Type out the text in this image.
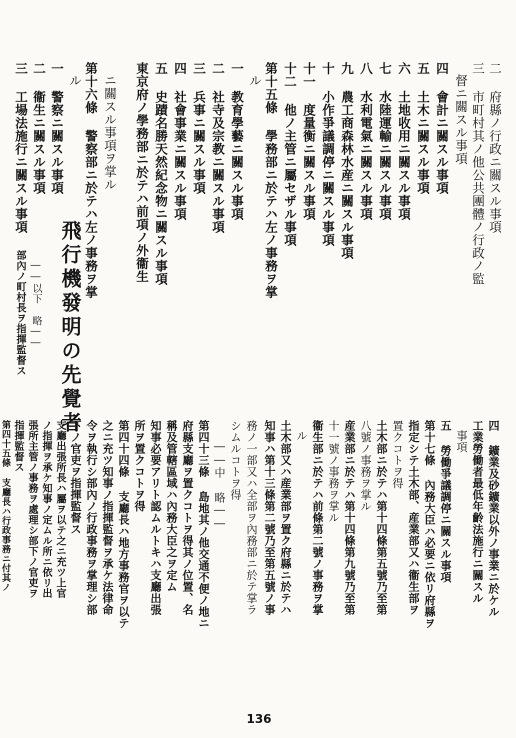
二 府縣ノ行政ニ關スル事項
三 市町村其ノ他公共團體ノ行政ノ監
督ニ關スル事項
四 會計ニ關スル事項
五 土木ニ關スル事項
六 土地收用ニ關スル事項
七 水陸運輸ニ關スル事項
八 水利電氣ニ關スル事項
九 農工商森林水産ニ關スル事項
十 小作爭議調停ニ關スル事項
十一 度量衡ニ關スル事項
十二 他ノ主管ニ屬セザル事項
第十五條 學務部ニ於テハ左ノ事務ヲ掌
ル
一 教育學藝ニ關スル事項
二 社寺及宗教ニ關スル事項
三 兵事ニ關スル事項
四 社會事業ニ關スル事項
五 史蹟名勝天然紀念物ニ關スル事項
東京府ノ學務部ニ於テハ前項ノ外衞生
ニ關スル事項ヲ掌ル
第十六條 警察部ニ於テハ左ノ事務ヲ掌
ル
一 警察ニ關スル事項
二 衞生ニ關スル事項
三 工場法施行ニ關スル事項
四 鑛業及砂鑛業以外ノ事業ニ於ケル
工業勞働者最低年齡法施行ニ關スル
事項
五 勞働爭議調停ニ關スル事項
第十七條 內務大臣ハ必要ニ依リ府縣ヲ
指定シテ土木部、産業部又ハ衞生部ヲ
置クコトヲ得
土木部ニ於テハ第十四條第五號乃至第
八號ノ事務ヲ掌ル
産業部ニ於テハ第十四條第九號乃至第
十一號ノ事務ヲ掌ル
衞生部ニ於テハ前條第二號ノ事務ヲ掌
ル
土木部又ハ産業部ヲ置ク府縣ニ於テハ
知事ハ第十三條第二號乃至第五號ノ事
務ノ一部又ハ全部ヲ內務部ニ於テ掌ラ
シムルコトヲ得
――中 略――
第四十三條 島地其ノ他交通不便ノ地ニ
府縣支廳ヲ置クコトヲ得其ノ位置、名
稱及管轄區域ハ內務大臣之ヲ定ム
知事必要アリト認ムルトキハ支廳出張
所ヲ置クコトヲ得
第四十四條 支廳長ハ地方事務官ヲ以テ
之ニ充ツ知事ノ指揮監督ヲ承ケ法律命
令ヲ執行シ部內ノ行政事務ヲ掌理シ部
下ノ官吏ヲ指揮監督ス
支廳出張所長ハ屬ヲ以テ之ニ充ツ上官
ノ指揮ヲ承ケ知事ノ定ムル所ニ依リ出
張所主管ノ事務ヲ處理シ部下ノ官吏ヲ
指揮監督ス
第四十五條 支廳長ハ行政事務ニ付其ノ
部內ノ町村長ヲ指揮監督ス ――以下 略―― 飛行機發明の先覺者
136
